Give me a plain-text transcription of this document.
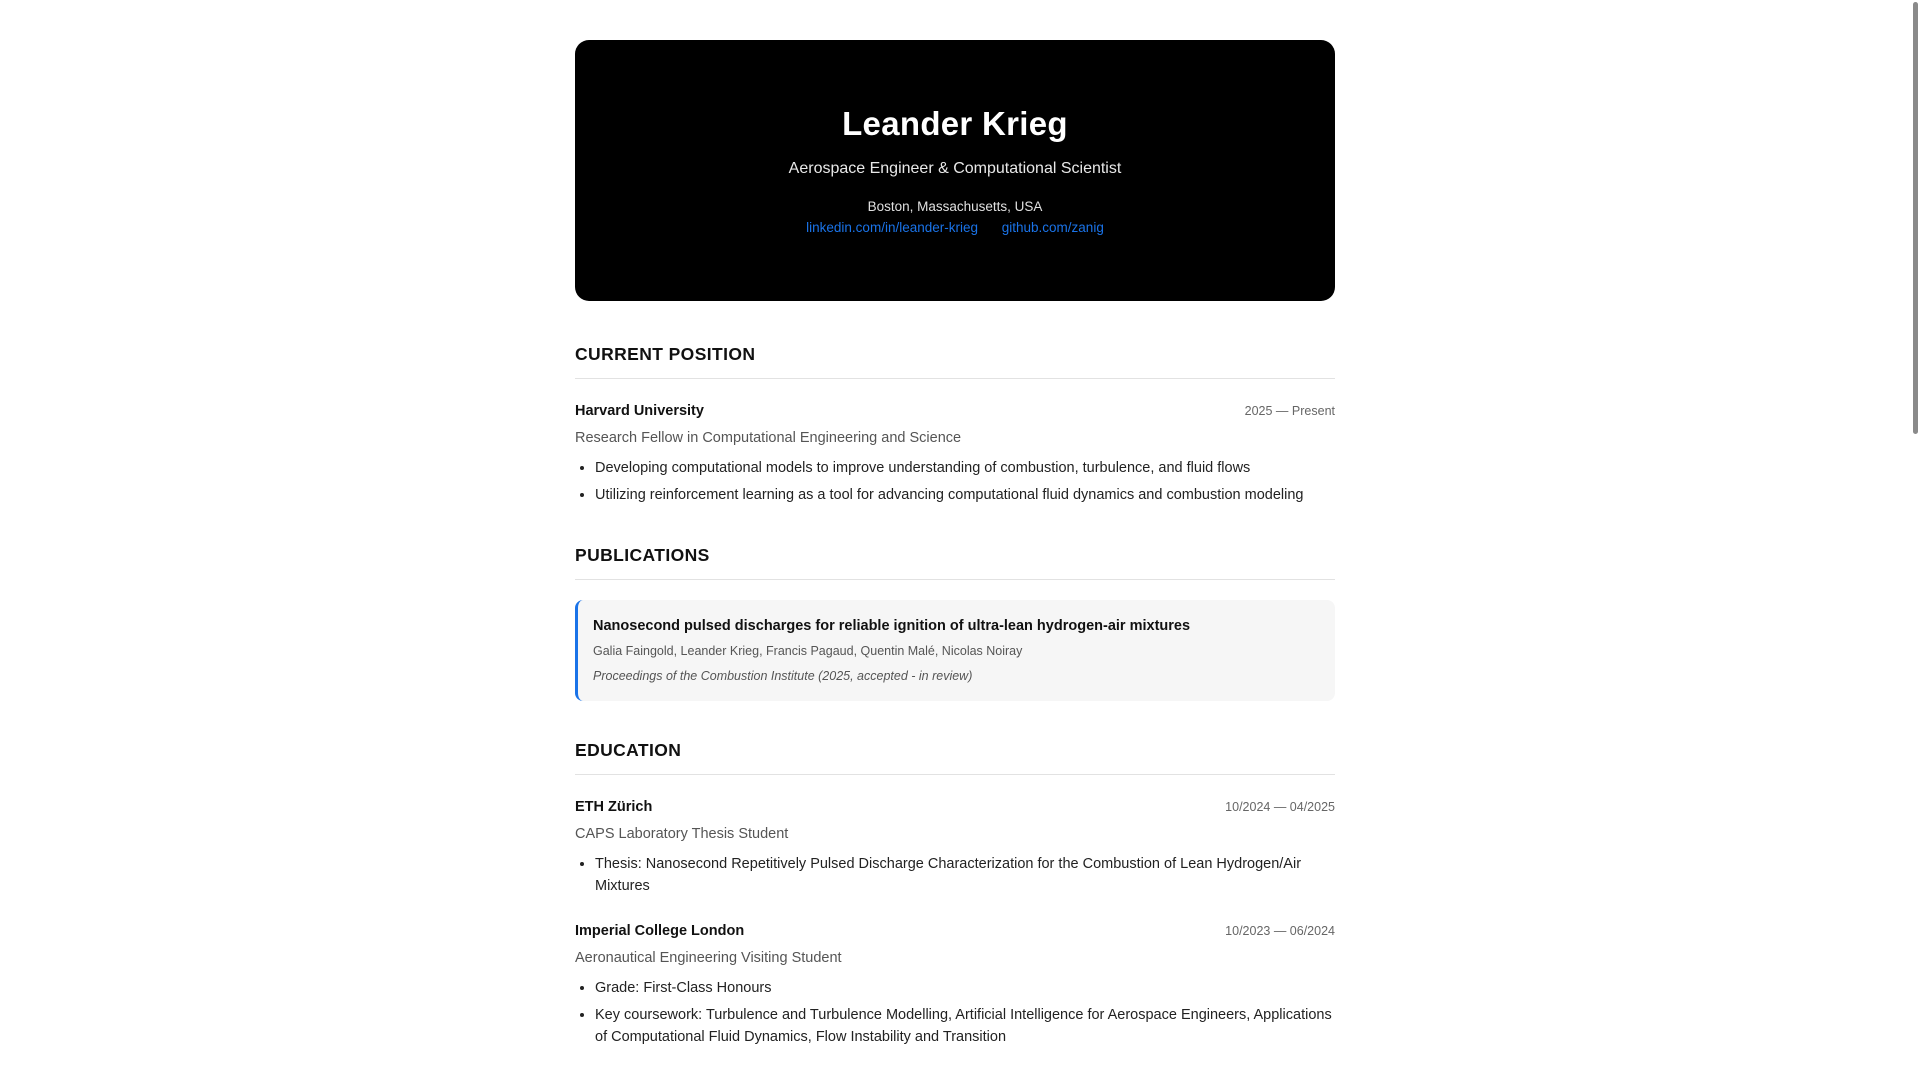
Leander Krieg
Aerospace Engineer & Computational Scientist
Boston, Massachusetts, USA
linkedin.com/in/leander-krieg github.com/zanig
CURRENT POSITION
Harvard University	2025 — Present
Research Fellow in Computational Engineering and Science
• Developing computational models to improve understanding of combustion, turbulence, and fluid flows
• Utilizing reinforcement learning as a tool for advancing computational fluid dynamics and combustion modeling
PUBLICATIONS
Nanosecond pulsed discharges for reliable ignition of ultra-lean hydrogen-air mixtures
Galia Faingold, Leander Krieg, Francis Pagaud, Quentin Malé, Nicolas Noiray
Proceedings of the Combustion Institute (2025, accepted - in review)
EDUCATION
ETH Zürich	10/2024 — 04/2025
CAPS Laboratory Thesis Student
• Thesis: Nanosecond Repetitively Pulsed Discharge Characterization for the Combustion of Lean Hydrogen/Air Mixtures
Imperial College London	10/2023 — 06/2024
Aeronautical Engineering Visiting Student
• Grade: First-Class Honours
• Key coursework: Turbulence and Turbulence Modelling, Artificial Intelligence for Aerospace Engineers, Applications of Computational Fluid Dynamics, Flow Instability and Transition
